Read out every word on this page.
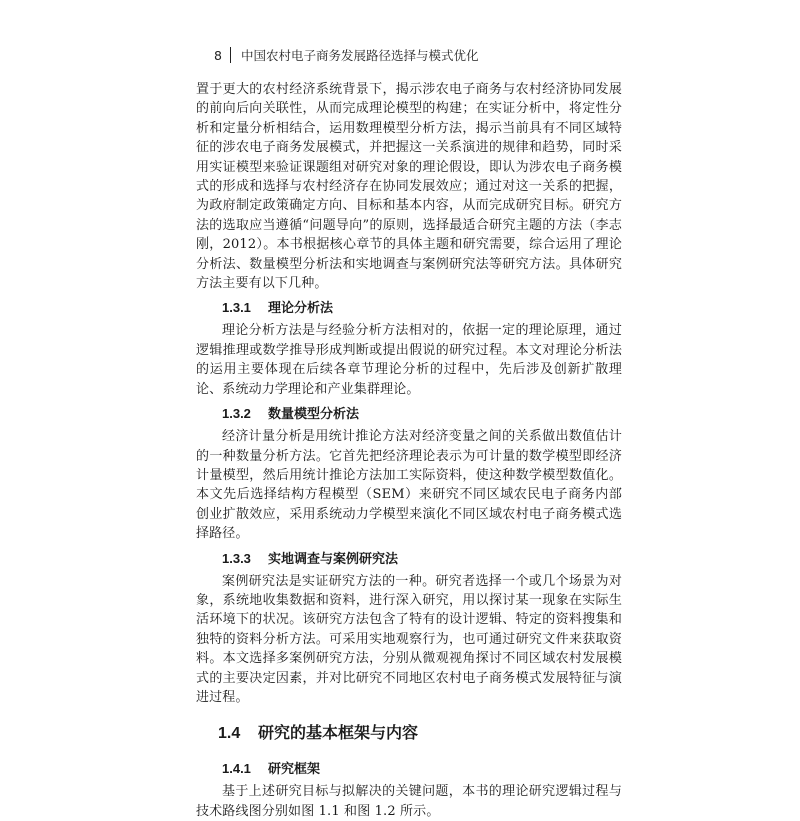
8 中国农村电子商务发展路径选择与模式优化

置于更大的农村经济系统背景下，揭示涉农电子商务与农村经济协同发展的前向后向关联性，从而完成理论模型的构建；在实证分析中，将定性分析和定量分析相结合，运用数理模型分析方法，揭示当前具有不同区域特征的涉农电子商务发展模式，并把握这一关系演进的规律和趋势，同时采用实证模型来验证课题组对研究对象的理论假设，即认为涉农电子商务模式的形成和选择与农村经济存在协同发展效应；通过对这一关系的把握，为政府制定政策确定方向、目标和基本内容，从而完成研究目标。研究方法的选取应当遵循“问题导向”的原则，选择最适合研究主题的方法（李志刚，2012）。本书根据核心章节的具体主题和研究需要，综合运用了理论分析法、数量模型分析法和实地调查与案例研究法等研究方法。具体研究方法主要有以下几种。

1.3.1 理论分析法

理论分析方法是与经验分析方法相对的，依据一定的理论原理，通过逻辑推理或数学推导形成判断或提出假说的研究过程。本文对理论分析法的运用主要体现在后续各章节理论分析的过程中，先后涉及创新扩散理论、系统动力学理论和产业集群理论。

1.3.2 数量模型分析法

经济计量分析是用统计推论方法对经济变量之间的关系做出数值估计的一种数量分析方法。它首先把经济理论表示为可计量的数学模型即经济计量模型，然后用统计推论方法加工实际资料，使这种数学模型数值化。本文先后选择结构方程模型（SEM）来研究不同区域农民电子商务内部创业扩散效应，采用系统动力学模型来演化不同区域农村电子商务模式选择路径。

1.3.3 实地调查与案例研究法

案例研究法是实证研究方法的一种。研究者选择一个或几个场景为对象，系统地收集数据和资料，进行深入研究，用以探讨某一现象在实际生活环境下的状况。该研究方法包含了特有的设计逻辑、特定的资料搜集和独特的资料分析方法。可采用实地观察行为，也可通过研究文件来获取资料。本文选择多案例研究方法，分别从微观视角探讨不同区域农村发展模式的主要决定因素，并对比研究不同地区农村电子商务模式发展特征与演进过程。

1.4 研究的基本框架与内容
1.4.1 研究框架

基于上述研究目标与拟解决的关键问题，本书的理论研究逻辑过程与技术路线图分别如图 1.1 和图 1.2 所示。
